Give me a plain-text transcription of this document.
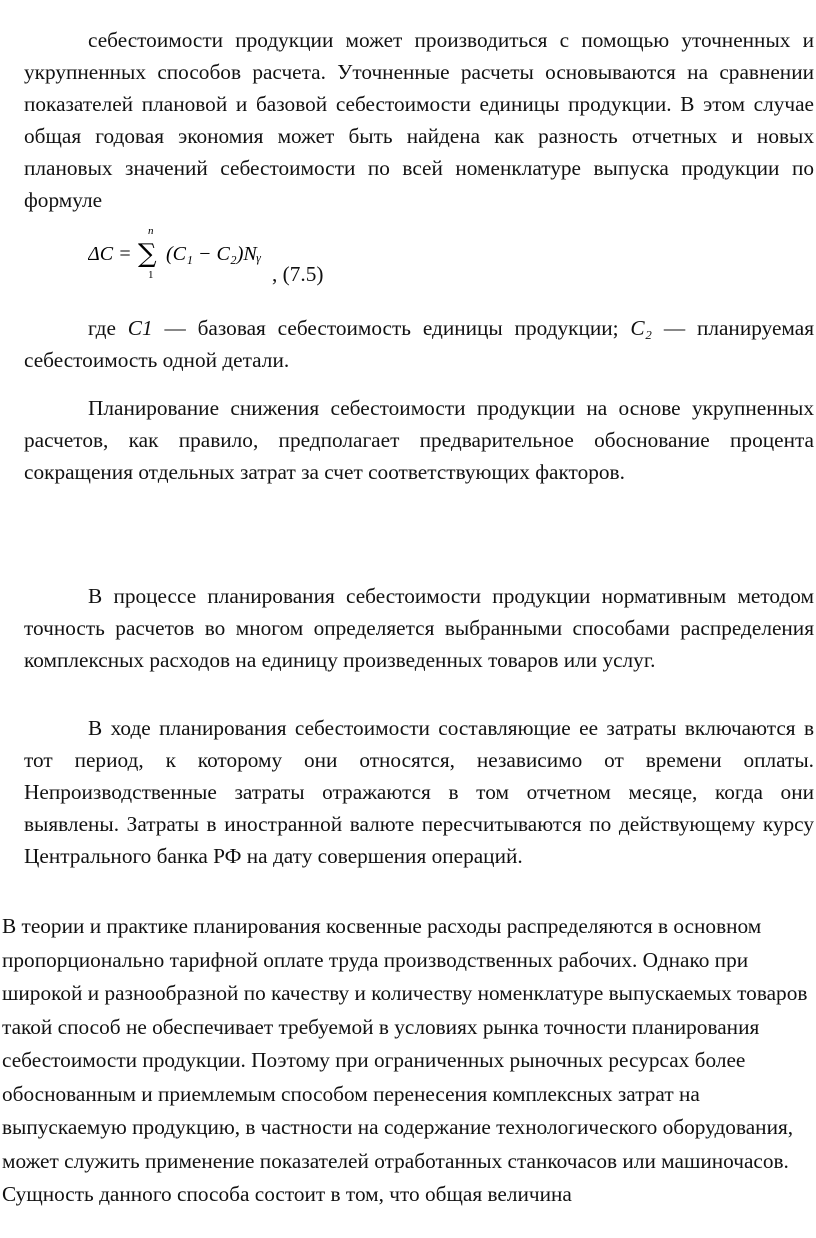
себестоимости продукции может производиться с помощью уточненных и укрупненных способов расчета. Уточненные расчеты основываются на сравнении показателей плановой и базовой себестоимости единицы продукции. В этом случае общая годовая экономия может быть найдена как разность отчетных и новых плановых значений себестоимости по всей номенклатуре выпуска продукции по формуле

ΔC =
n
∑
1
(C₁ − C₂)Nᵧ
, (7.5)

где C1 — базовая себестоимость единицы продукции; C₂ — планируемая себестоимость одной детали.

Планирование снижения себестоимости продукции на основе укрупненных расчетов, как правило, предполагает предварительное обоснование процента сокращения отдельных затрат за счет соответствующих факторов.

В процессе планирования себестоимости продукции нормативным методом точность расчетов во многом определяется выбранными способами распределения комплексных расходов на единицу произведенных товаров или услуг.

В ходе планирования себестоимости составляющие ее затраты включаются в тот период, к которому они относятся, независимо от времени оплаты. Непроизводственные затраты отражаются в том отчетном месяце, когда они выявлены. Затраты в иностранной валюте пересчитываются по действующему курсу Центрального банка РФ на дату совершения операций.

В теории и практике планирования косвенные расходы распределяются в основном пропорционально тарифной оплате труда производственных рабочих. Однако при широкой и разнообразной по качеству и количеству номенклатуре выпускаемых товаров такой способ не обеспечивает требуемой в условиях рынка точности планирования себестоимости продукции. Поэтому при ограниченных рыночных ресурсах более обоснованным и приемлемым способом перенесения комплексных затрат на выпускаемую продукцию, в частности на содержание технологического оборудования, может служить применение показателей отработанных станкочасов или машиночасов. Сущность данного способа состоит в том, что общая величина
